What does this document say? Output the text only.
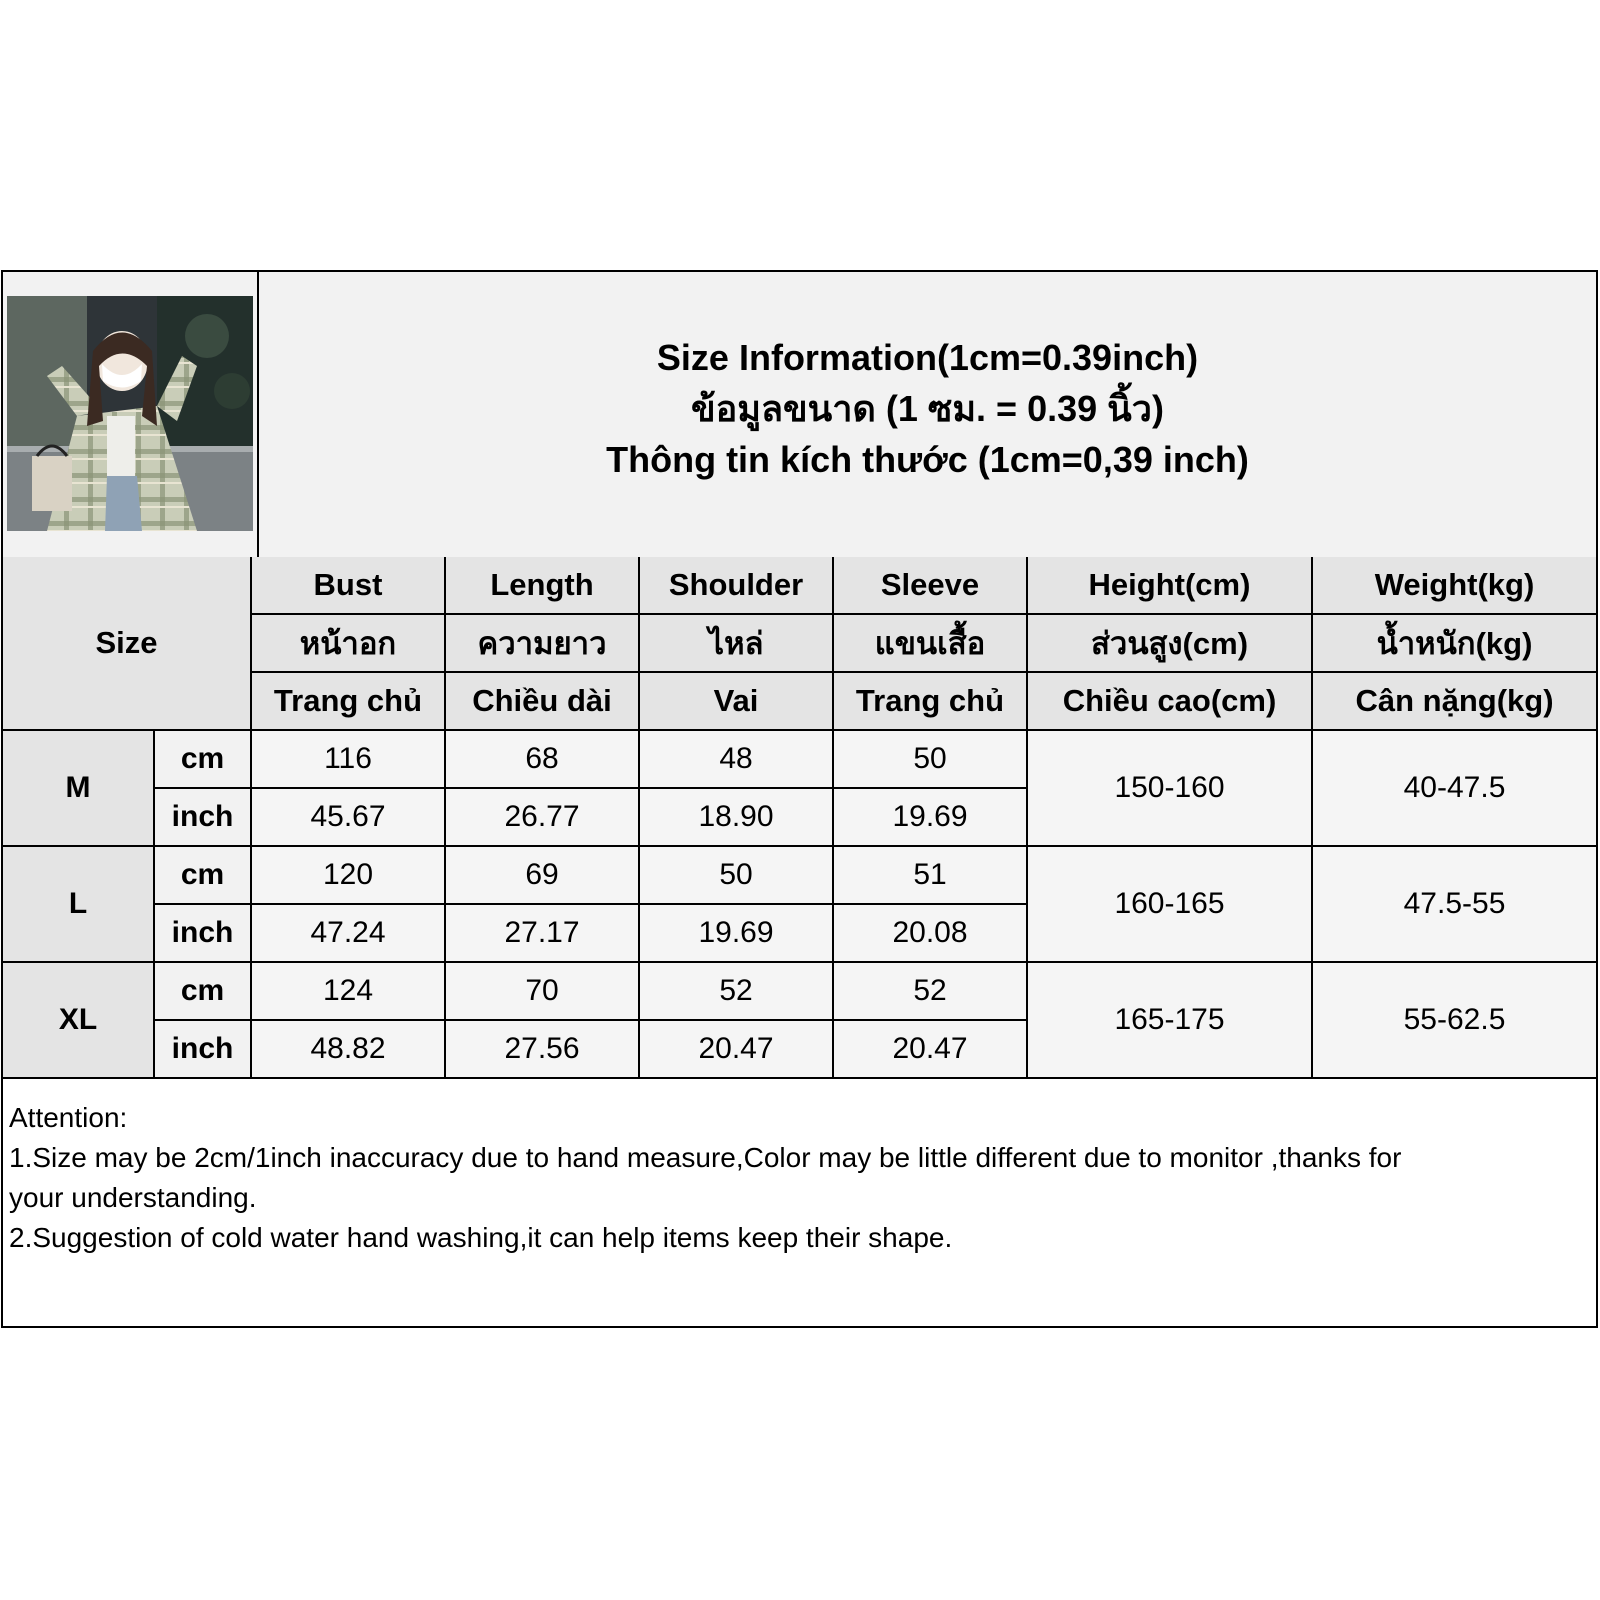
Size Information(1cm=0.39inch)
ข้อมูลขนาด (1 ซม. = 0.39 นิ้ว)
Thông tin kích thước (1cm=0,39 inch)
Size		Bust	Length	Shoulder	Sleeve	Height(cm)	Weight(kg)
		หน้าอก	ความยาว	ไหล่	แขนเสื้อ	ส่วนสูง(cm)	น้ำหนัก(kg)
		Trang chủ	Chiều dài	Vai	Trang chủ	Chiều cao(cm)	Cân nặng(kg)
M	cm	116	68	48	50	150-160	40-47.5
	inch	45.67	26.77	18.90	19.69		
L	cm	120	69	50	51	160-165	47.5-55
	inch	47.24	27.17	19.69	20.08		
XL	cm	124	70	52	52	165-175	55-62.5
	inch	48.82	27.56	20.47	20.47		
Attention:
1.Size may be 2cm/1inch inaccuracy due to hand measure,Color may be little different due to monitor ,thanks for
your understanding.
2.Suggestion of cold water hand washing,it can help items keep their shape.
